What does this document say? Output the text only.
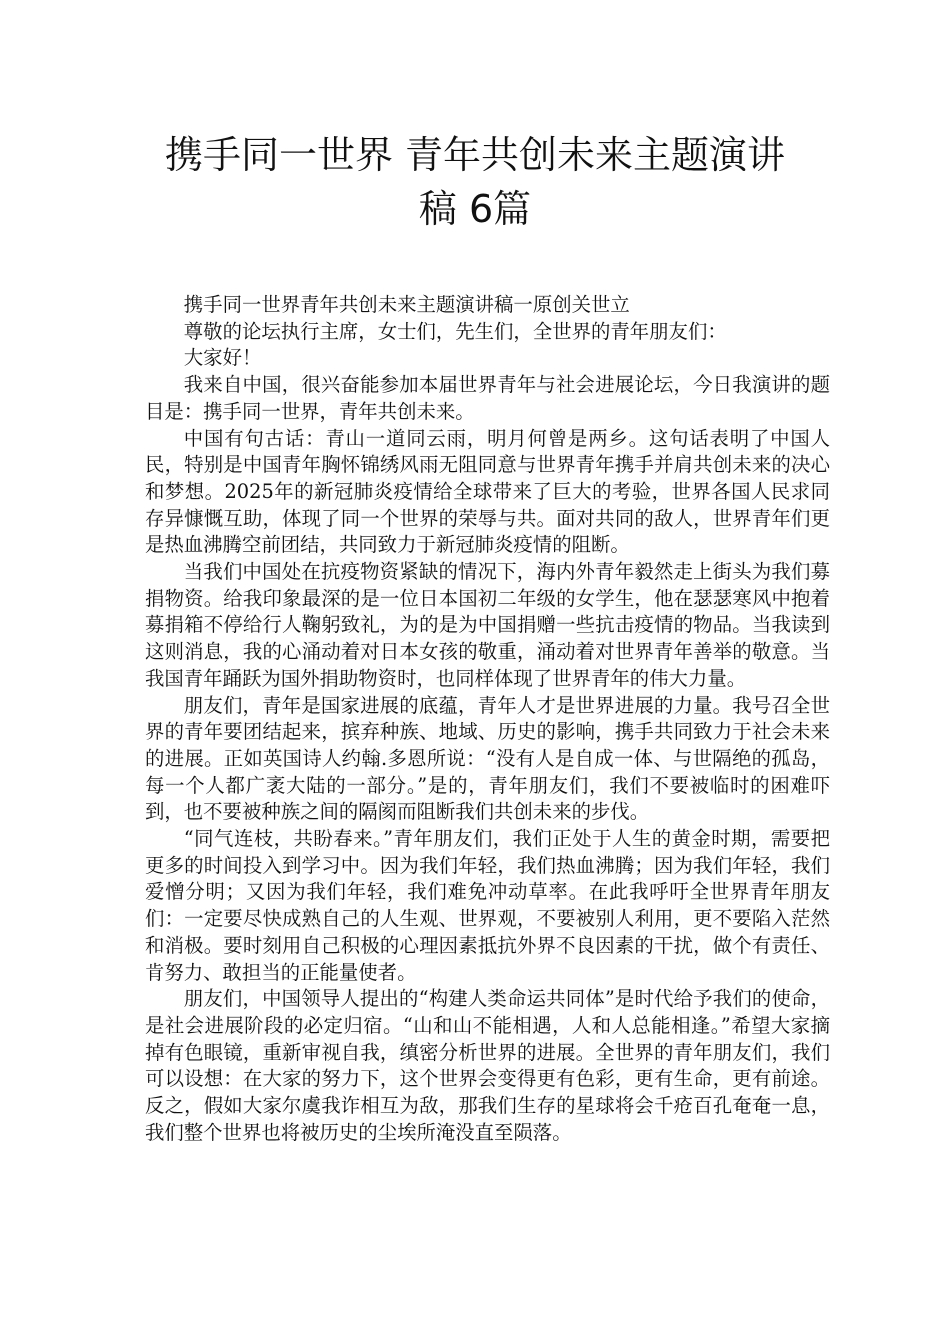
携手同一世界 青年共创未来主题演讲
稿 6篇

携手同一世界青年共创未来主题演讲稿一原创关世立

尊敬的论坛执行主席，女士们，先生们，全世界的青年朋友们：

大家好！

我来自中国，很兴奋能参加本届世界青年与社会进展论坛，今日我演讲的题目是：携手同一世界，青年共创未来。

中国有句古话：青山一道同云雨，明月何曾是两乡。这句话表明了中国人民，特别是中国青年胸怀锦绣风雨无阻同意与世界青年携手并肩共创未来的决心和梦想。2025年的新冠肺炎疫情给全球带来了巨大的考验，世界各国人民求同存异慷慨互助，体现了同一个世界的荣辱与共。面对共同的敌人，世界青年们更是热血沸腾空前团结，共同致力于新冠肺炎疫情的阻断。

当我们中国处在抗疫物资紧缺的情况下，海内外青年毅然走上街头为我们募捐物资。给我印象最深的是一位日本国初二年级的女学生，他在瑟瑟寒风中抱着募捐箱不停给行人鞠躬致礼，为的是为中国捐赠一些抗击疫情的物品。当我读到这则消息，我的心涌动着对日本女孩的敬重，涌动着对世界青年善举的敬意。当我国青年踊跃为国外捐助物资时，也同样体现了世界青年的伟大力量。

朋友们，青年是国家进展的底蕴，青年人才是世界进展的力量。我号召全世界的青年要团结起来，摈弃种族、地域、历史的影响，携手共同致力于社会未来的进展。正如英国诗人约翰.多恩所说：“没有人是自成一体、与世隔绝的孤岛，每一个人都广袤大陆的一部分。”是的，青年朋友们，我们不要被临时的困难吓到，也不要被种族之间的隔阂而阻断我们共创未来的步伐。

“同气连枝，共盼春来。”青年朋友们，我们正处于人生的黄金时期，需要把更多的时间投入到学习中。因为我们年轻，我们热血沸腾；因为我们年轻，我们爱憎分明；又因为我们年轻，我们难免冲动草率。在此我呼吁全世界青年朋友们：一定要尽快成熟自己的人生观、世界观，不要被别人利用，更不要陷入茫然和消极。要时刻用自己积极的心理因素抵抗外界不良因素的干扰，做个有责任、肯努力、敢担当的正能量使者。

朋友们，中国领导人提出的“构建人类命运共同体”是时代给予我们的使命，是社会进展阶段的必定归宿。“山和山不能相遇，人和人总能相逢。”希望大家摘掉有色眼镜，重新审视自我，缜密分析世界的进展。全世界的青年朋友们，我们可以设想：在大家的努力下，这个世界会变得更有色彩，更有生命，更有前途。反之，假如大家尔虞我诈相互为敌，那我们生存的星球将会千疮百孔奄奄一息，我们整个世界也将被历史的尘埃所淹没直至陨落。
